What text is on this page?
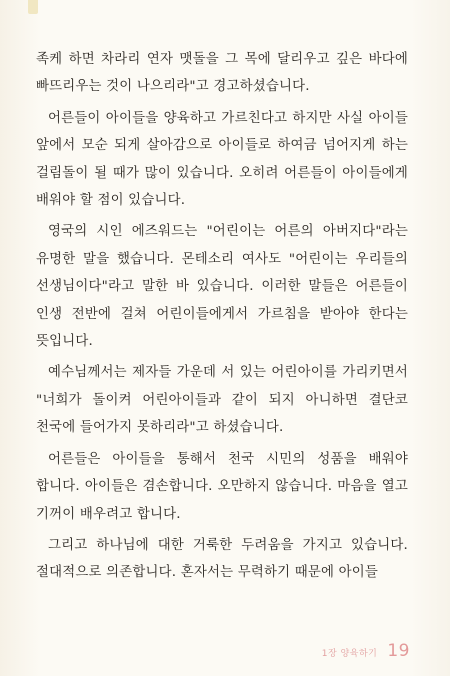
족케 하면 차라리 연자 맷돌을 그 목에 달리우고 깊은 바다에 빠뜨리우는 것이 나으리라"고 경고하셨습니다.

어른들이 아이들을 양육하고 가르친다고 하지만 사실 아이들 앞에서 모순 되게 살아감으로 아이들로 하여금 넘어지게 하는 걸림돌이 될 때가 많이 있습니다. 오히려 어른들이 아이들에게 배워야 할 점이 있습니다.

영국의 시인 에즈워드는 "어린이는 어른의 아버지다"라는 유명한 말을 했습니다. 몬테소리 여사도 "어린이는 우리들의 선생님이다"라고 말한 바 있습니다. 이러한 말들은 어른들이 인생 전반에 걸쳐 어린이들에게서 가르침을 받아야 한다는 뜻입니다.

예수님께서는 제자들 가운데 서 있는 어린아이를 가리키면서 "너희가 돌이켜 어린아이들과 같이 되지 아니하면 결단코 천국에 들어가지 못하리라"고 하셨습니다.

어른들은 아이들을 통해서 천국 시민의 성품을 배워야 합니다. 아이들은 겸손합니다. 오만하지 않습니다. 마음을 열고 기꺼이 배우려고 합니다.

그리고 하나님에 대한 거룩한 두려움을 가지고 있습니다. 절대적으로 의존합니다. 혼자서는 무력하기 때문에 아이들

1장 양육하기 19
